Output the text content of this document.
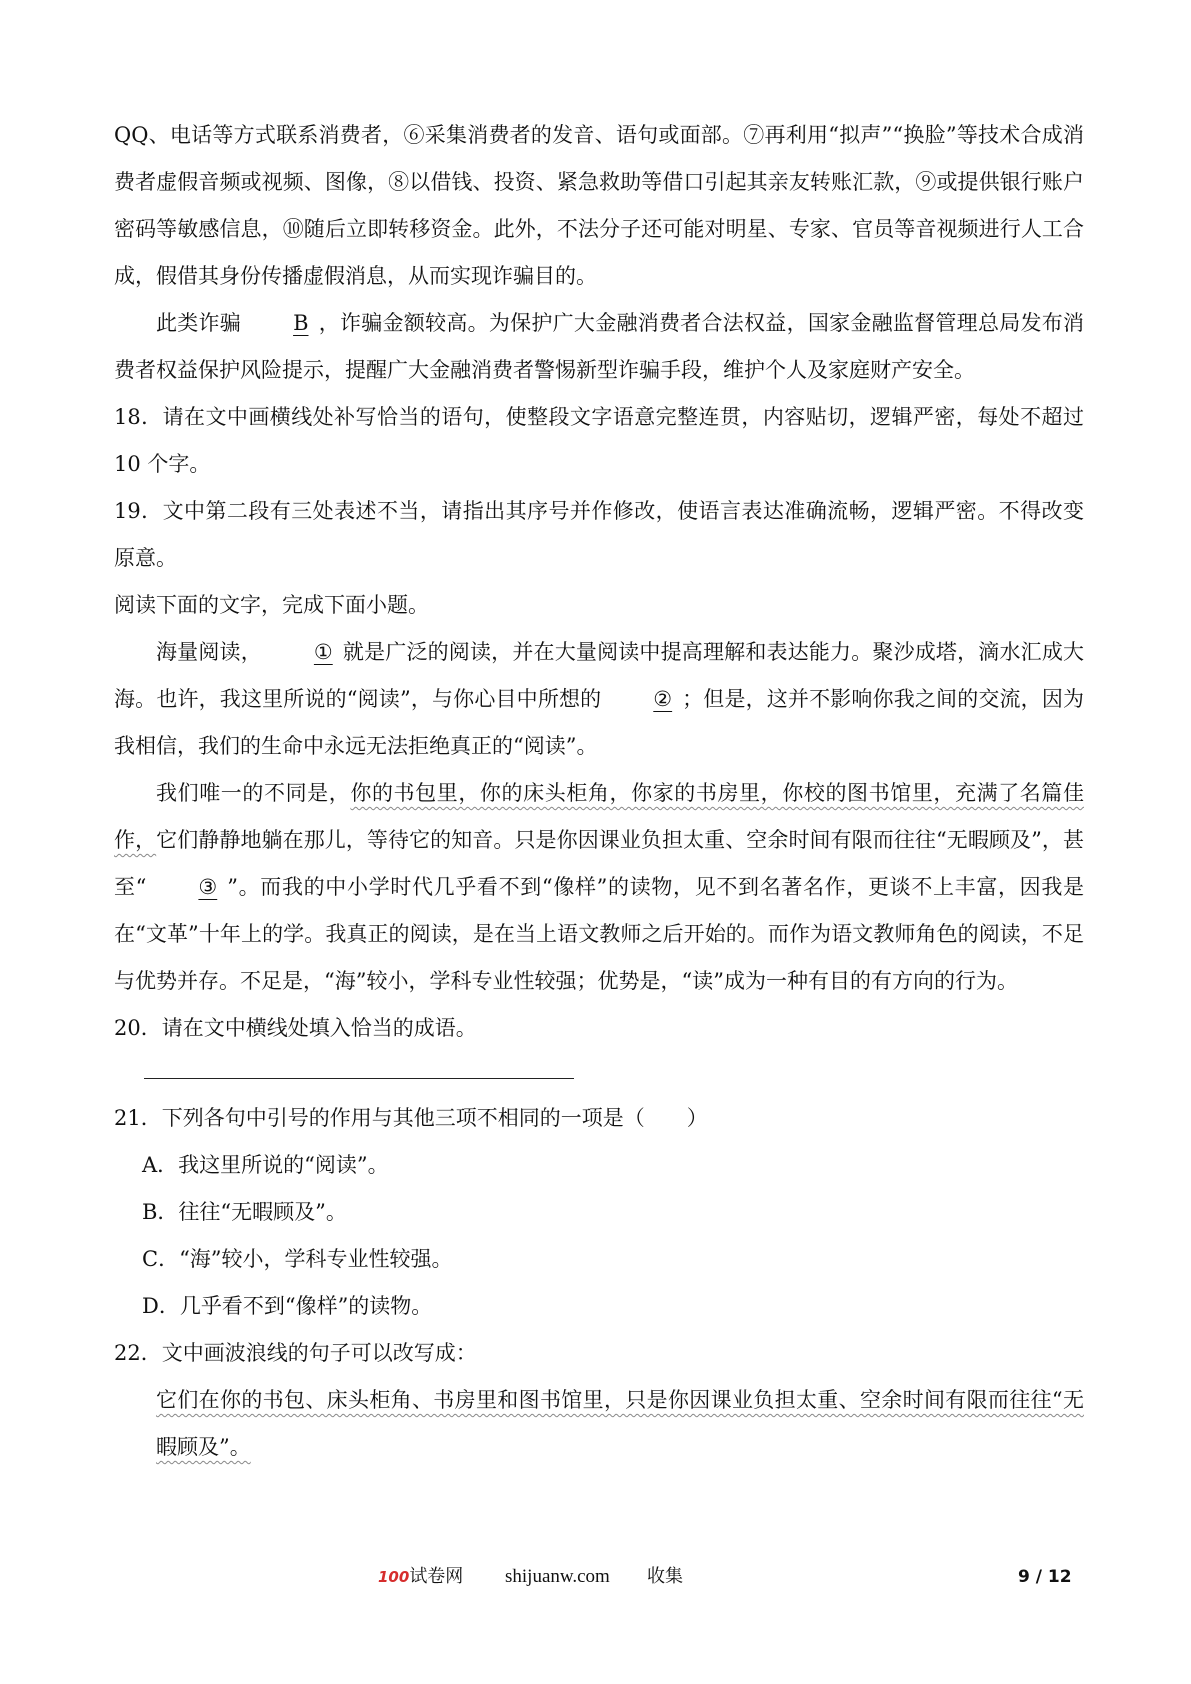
QQ、电话等方式联系消费者，⑥采集消费者的发音、语句或面部。⑦再利用“拟声”“换脸”等技术合成消费者虚假音频或视频、图像，⑧以借钱、投资、紧急救助等借口引起其亲友转账汇款，⑨或提供银行账户密码等敏感信息，⑩随后立即转移资金。此外，不法分子还可能对明星、专家、官员等音视频进行人工合成，假借其身份传播虚假消息，从而实现诈骗目的。

此类诈骗 B ，诈骗金额较高。为保护广大金融消费者合法权益，国家金融监督管理总局发布消费者权益保护风险提示，提醒广大金融消费者警惕新型诈骗手段，维护个人及家庭财产安全。

18．请在文中画横线处补写恰当的语句，使整段文字语意完整连贯，内容贴切，逻辑严密，每处不超过 10 个字。

19．文中第二段有三处表述不当，请指出其序号并作修改，使语言表达准确流畅，逻辑严密。不得改变原意。

阅读下面的文字，完成下面小题。

海量阅读， ① 就是广泛的阅读，并在大量阅读中提高理解和表达能力。聚沙成塔，滴水汇成大海。也许，我这里所说的“阅读”，与你心目中所想的 ② ；但是，这并不影响你我之间的交流，因为我相信，我们的生命中永远无法拒绝真正的“阅读”。

我们唯一的不同是，你的书包里，你的床头柜角，你家的书房里，你校的图书馆里，充满了名篇佳作，它们静静地躺在那儿，等待它的知音。只是你因课业负担太重、空余时间有限而往往“无暇顾及”，甚至“ ③ ”。而我的中小学时代几乎看不到“像样”的读物，见不到名著名作，更谈不上丰富，因我是在“文革”十年上的学。我真正的阅读，是在当上语文教师之后开始的。而作为语文教师角色的阅读，不足与优势并存。不足是，“海”较小，学科专业性较强；优势是，“读”成为一种有目的有方向的行为。

20．请在文中横线处填入恰当的成语。

21．下列各句中引号的作用与其他三项不相同的一项是（　　）

A．我这里所说的“阅读”。

B．往往“无暇顾及”。

C．“海”较小，学科专业性较强。

D．几乎看不到“像样”的读物。

22．文中画波浪线的句子可以改写成：

它们在你的书包、床头柜角、书房里和图书馆里，只是你因课业负担太重、空余时间有限而往往“无暇顾及”。

100试卷网 shijuanw.com 收集	9 / 12
